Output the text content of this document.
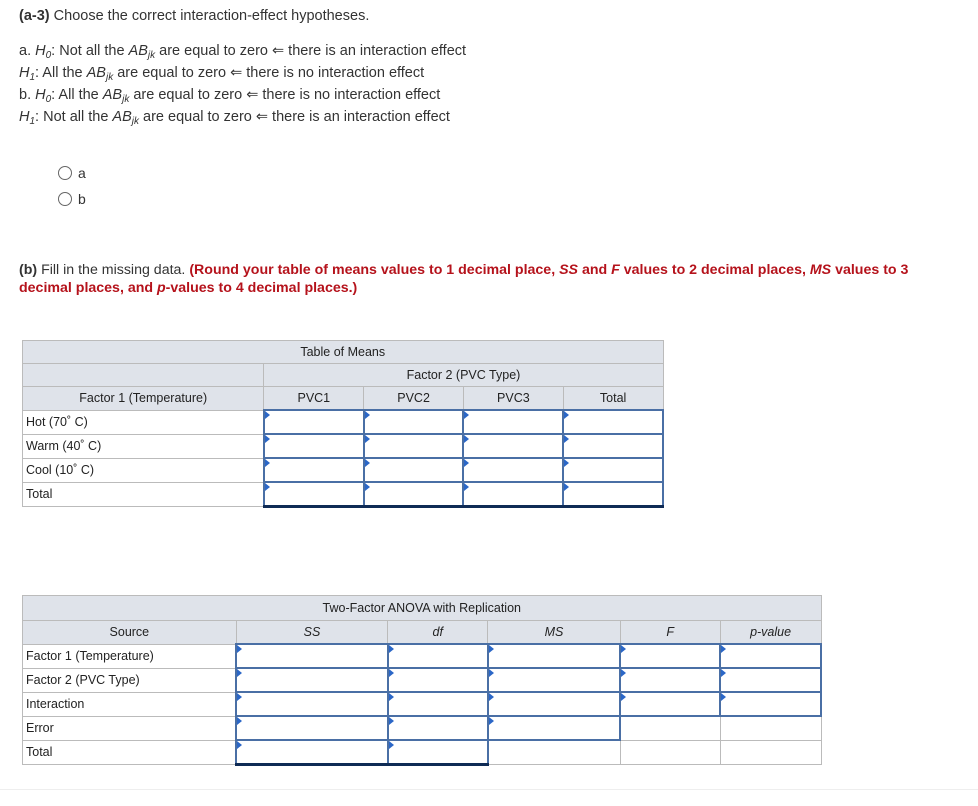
(a-3) Choose the correct interaction-effect hypotheses.
a. $H_0$: Not all the $AB_{jk}$ are equal to zero ⇐ there is an interaction effect
$H_1$: All the $AB_{jk}$ are equal to zero ⇐ there is no interaction effect
b. $H_0$: All the $AB_{jk}$ are equal to zero ⇐ there is no interaction effect
$H_1$: Not all the $AB_{jk}$ are equal to zero ⇐ there is an interaction effect
a
b
(b) Fill in the missing data. (Round your table of means values to 1 decimal place, SS and F values to 2 decimal places, MS values to 3 decimal places, and p-values to 4 decimal places.)
Table of Means				
	Factor 2 (PVC Type)			
Factor 1 (Temperature)	PVC1	PVC2	PVC3	Total
Hot (70˚ C)				
Warm (40˚ C)				
Cool (10˚ C)				
Total				
Two-Factor ANOVA with Replication					
Source	SS	df	MS	F	p-value
Factor 1 (Temperature)					
Factor 2 (PVC Type)					
Interaction					
Error					
Total					
